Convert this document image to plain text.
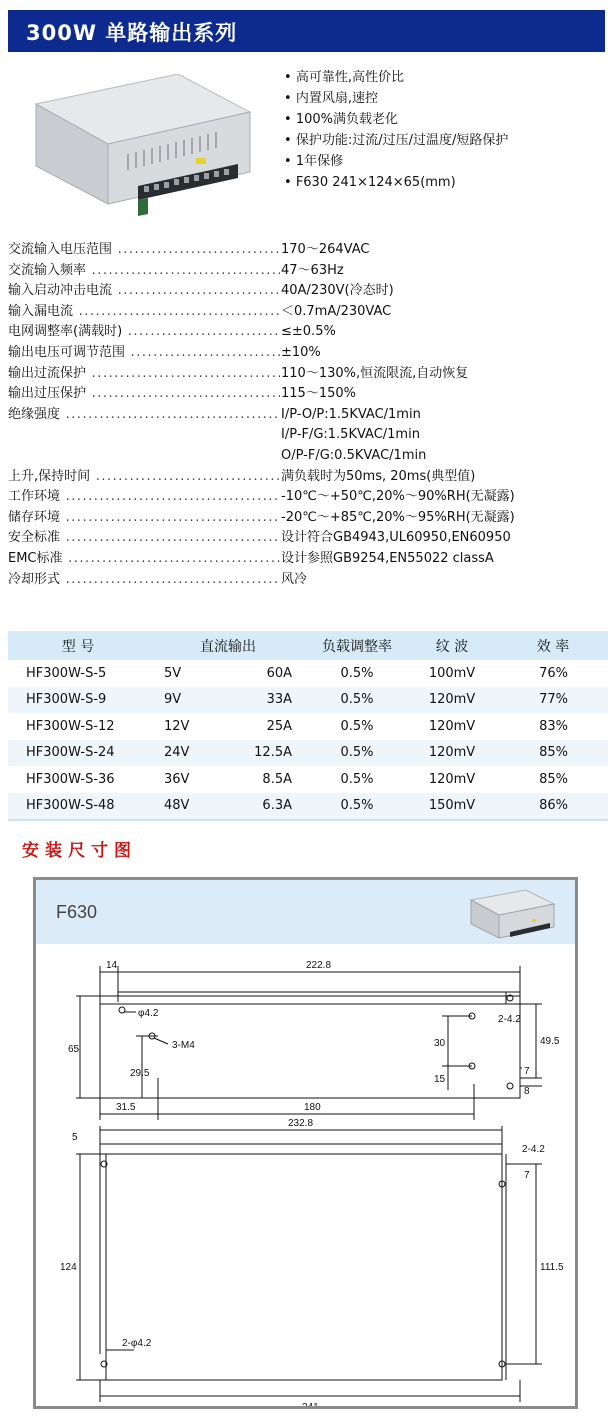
300W 单路输出系列
• 高可靠性,高性价比
• 内置风扇,速控
• 100%满负载老化
• 保护功能:过流/过压/过温度/短路保护
• 1年保修
• F630 241×124×65(mm)
交流输入电压范围 .....	170～264VAC
交流输入频率 .....	47～63Hz
输入启动冲击电流 .....	40A/230V(冷态时)
输入漏电流 .....	＜0.7mA/230VAC
电网调整率(满载时) .....	≤±0.5%
输出电压可调节范围 .....	±10%
输出过流保护 .....	110～130%,恒流限流,自动恢复
输出过压保护 .....	115～150%
绝缘强度 .....	I/P-O/P:1.5KVAC/1min
I/P-F/G:1.5KVAC/1min
O/P-F/G:0.5KVAC/1min
上升,保持时间 .....	满负载时为50ms, 20ms(典型值)
工作环境 .....	-10℃～+50℃,20%～90%RH(无凝露)
储存环境 .....	-20℃～+85℃,20%～95%RH(无凝露)
安全标准 .....	设计符合GB4943,UL60950,EN60950
EMC标准 .....	设计参照GB9254,EN55022 classA
冷却形式 .....	风冷
型 号	直流输出		负载调整率	纹 波	效 率
HF300W-S-5	5V	60A	0.5%	100mV	76%
HF300W-S-9	9V	33A	0.5%	120mV	77%
HF300W-S-12	12V	25A	0.5%	120mV	83%
HF300W-S-24	24V	12.5A	0.5%	120mV	85%
HF300W-S-36	36V	8.5A	0.5%	120mV	85%
HF300W-S-48	48V	6.3A	0.5%	150mV	86%
安装尺寸图
F630
14	222.8
φ4.2
65	3-M4
29.5
30
15
2-4.2
49.5
7
8
31.5	180
5
232.8
2-4.2
7
124	111.5
2-φ4.2
241
